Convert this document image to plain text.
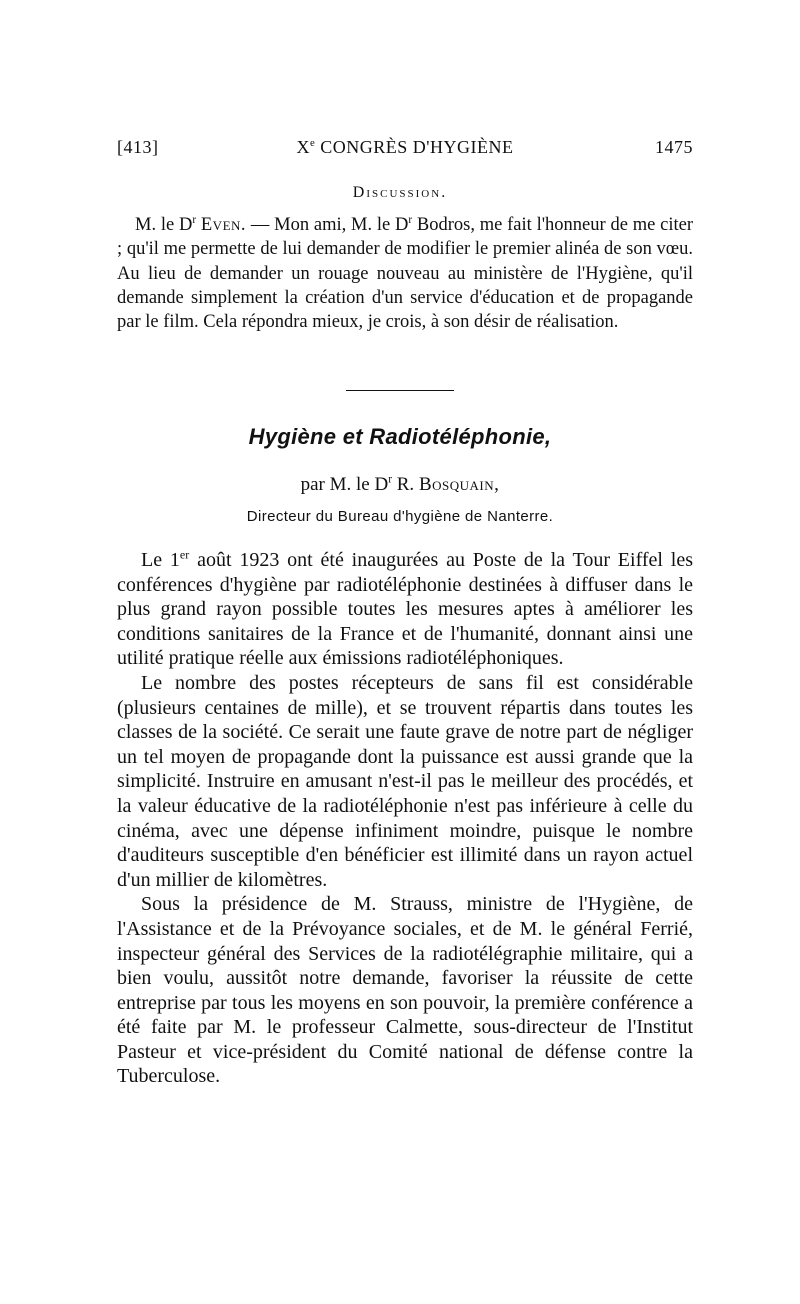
[413]	Xe CONGRÈS D'HYGIÈNE	1475
Discussion.
M. le $D^r$ Even. — Mon ami, M. le $D^r$ Bodros, me fait l'honneur de me citer ; qu'il me permette de lui demander de modifier le premier alinéa de son vœu. Au lieu de demander un rouage nouveau au ministère de l'Hygiène, qu'il demande simplement la création d'un service d'éducation et de propagande par le film. Cela répondra mieux, je crois, à son désir de réalisation.
Hygiène et Radiotéléphonie,
par M. le $D^r$ R. Bosquain,
Directeur du Bureau d'hygiène de Nanterre.

Le 1er août 1923 ont été inaugurées au Poste de la Tour Eiffel les conférences d'hygiène par radiotéléphonie destinées à diffuser dans le plus grand rayon possible toutes les mesures aptes à améliorer les conditions sanitaires de la France et de l'humanité, donnant ainsi une utilité pratique réelle aux émissions radiotéléphoniques.

Le nombre des postes récepteurs de sans fil est considérable (plusieurs centaines de mille), et se trouvent répartis dans toutes les classes de la société. Ce serait une faute grave de notre part de négliger un tel moyen de propagande dont la puissance est aussi grande que la simplicité. Instruire en amusant n'est-il pas le meilleur des procédés, et la valeur éducative de la radiotéléphonie n'est pas inférieure à celle du cinéma, avec une dépense infiniment moindre, puisque le nombre d'auditeurs susceptible d'en bénéficier est illimité dans un rayon actuel d'un millier de kilomètres.

Sous la présidence de M. Strauss, ministre de l'Hygiène, de l'Assistance et de la Prévoyance sociales, et de M. le général Ferrié, inspecteur général des Services de la radiotélégraphie militaire, qui a bien voulu, aussitôt notre demande, favoriser la réussite de cette entreprise par tous les moyens en son pouvoir, la première conférence a été faite par M. le professeur Calmette, sous-directeur de l'Institut Pasteur et vice-président du Comité national de défense contre la Tuberculose.
